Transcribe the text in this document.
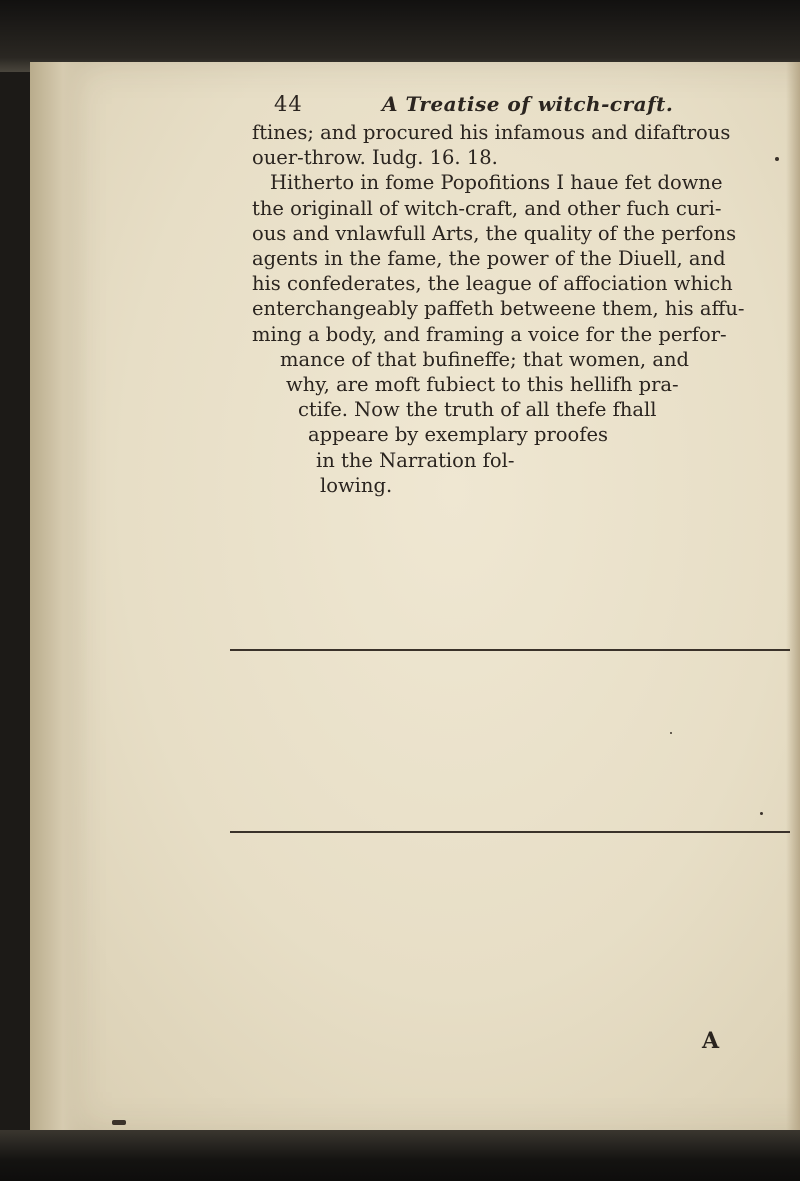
44	A Treatise of witch-craft.
ftines; and procured his infamous and difaftrous
ouer-throw. Iudg. 16. 18.
Hitherto in fome Popofitions I haue fet downe
the originall of witch-craft, and other fuch curi-
ous and vnlawfull Arts, the quality of the perfons
agents in the fame, the power of the Diuell, and
his confederates, the league of affociation which
enterchangeably paffeth betweene them, his affu-
ming a body, and framing a voice for the perfor-
mance of that bufineffe; that women, and
why, are moft fubiect to this hellifh pra-
ctife. Now the truth of all thefe fhall
appeare by exemplary proofes
in the Narration fol-
lowing.
A
